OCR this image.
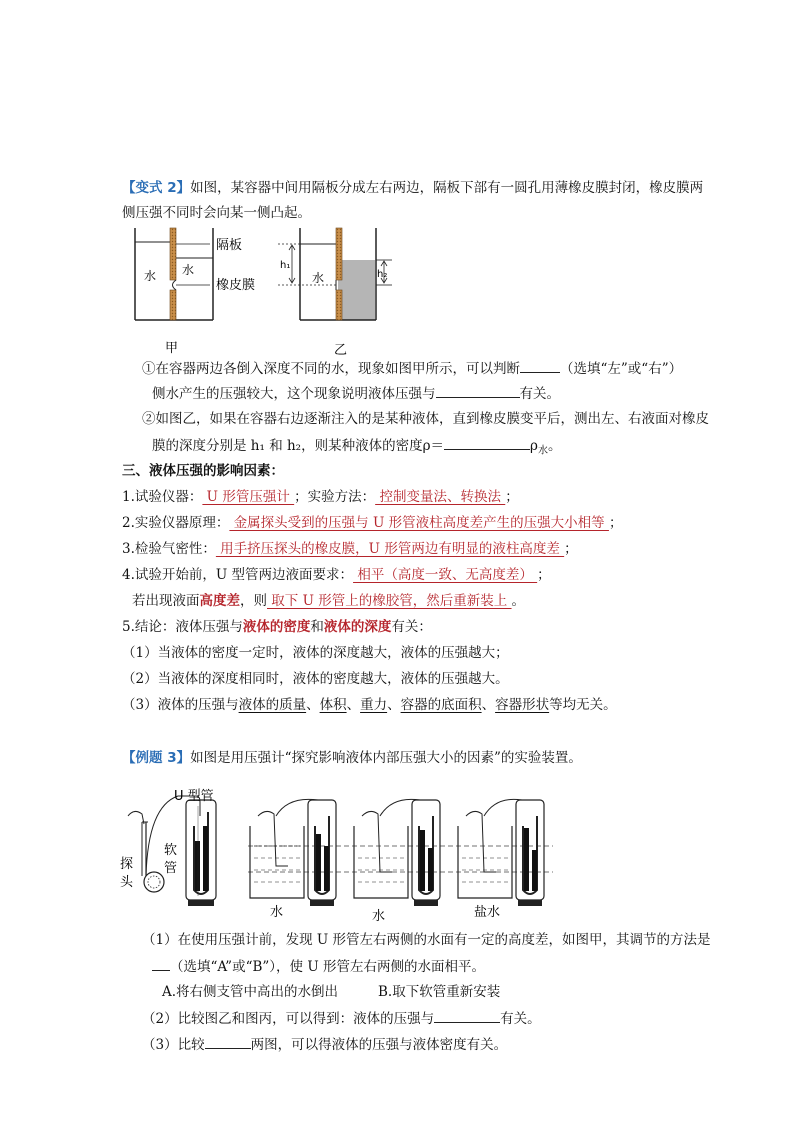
【变式 2】如图，某容器中间用隔板分成左右两边，隔板下部有一圆孔用薄橡皮膜封闭，橡皮膜两
侧压强不同时会向某一侧凸起。
水 水
隔板
橡皮膜
甲
h₁
h₂
水
乙
①在容器两边各倒入深度不同的水，现象如图甲所示，可以判断	（选填“左”或“右”）
侧水产生的压强较大，这个现象说明液体压强与	有关。
②如图乙，如果在容器右边逐渐注入的是某种液体，直到橡皮膜变平后，测出左、右液面对橡皮
膜的深度分别是 h₁ 和 h₂，则某种液体的密度ρ＝	$\rho_水$。
三、液体压强的影响因素：
1.试验仪器： U 形管压强计 ；实验方法： 控制变量法、转换法 ；
2.实验仪器原理： 金属探头受到的压强与 U 形管液柱高度差产生的压强大小相等 ；
3.检验气密性： 用手挤压探头的橡皮膜，U 形管两边有明显的液柱高度差 ；
4.试验开始前，U 型管两边液面要求： 相平（高度一致、无高度差） ；
若出现液面高度差，则 取下 U 形管上的橡胶管，然后重新装上 。
5.结论：液体压强与液体的密度和液体的深度有关：
（1）当液体的密度一定时，液体的深度越大，液体的压强越大；
（2）当液体的深度相同时，液体的密度越大，液体的压强越大。
（3）液体的压强与液体的质量、体积、重力、容器的底面积、容器形状等均无关。
【例题 3】如图是用压强计“探究影响液体内部压强大小的因素”的实验装置。
U 型管
探
头
软
管
水	水	盐水
（1）在使用压强计前，发现 U 形管左右两侧的水面有一定的高度差，如图甲，其调节的方法是
（选填“A”或“B”），使 U 形管左右两侧的水面相平。
A.将右侧支管中高出的水倒出	B.取下软管重新安装
（2）比较图乙和图丙，可以得到：液体的压强与	有关。
（3）比较	两图，可以得液体的压强与液体密度有关。
